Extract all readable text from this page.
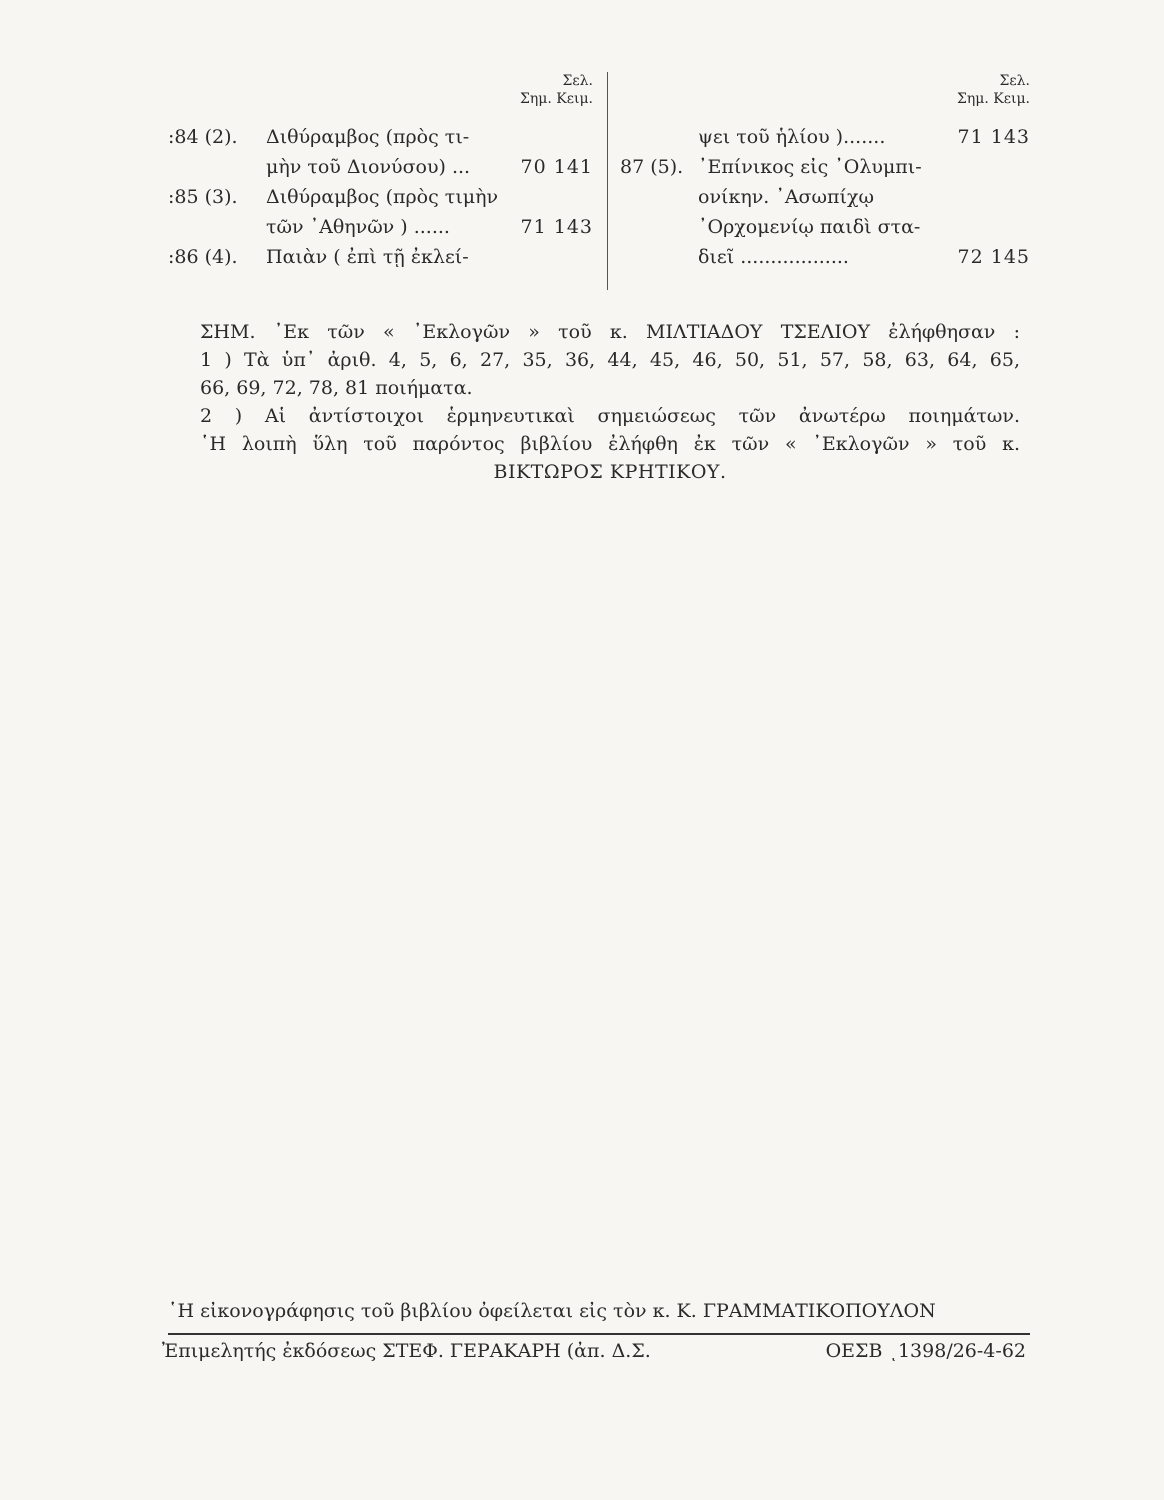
Σελ.
Σημ. Κειμ.
:84 (2).	Διθύραμβος (πρὸς τι-
μὴν τοῦ Διονύσου) ...	70 141
:85 (3).	Διθύραμβος (πρὸς τιμὴν
τῶν ᾿Αθηνῶν ) ......	71 143
:86 (4).	Παιὰν ( ἐπὶ τῇ ἐκλεί-
Σελ.
Σημ. Κειμ.
ψει τοῦ ἡλίου ).......	71 143
87 (5). ᾿Επίνικος εἰς ᾿Ολυμπι-
ονίκην. ᾿Ασωπίχῳ
᾿Ορχομενίῳ παιδὶ στα-
διεῖ ..................	72 145

ΣΗΜ. ᾿Εκ τῶν « ᾿Εκλογῶν » τοῦ κ. ΜΙΛΤΙΑΔΟΥ ΤΣΕΛΙΟΥ ἐλήφθησαν :

1 ) Τὰ ὑπ᾿ ἀριθ. 4, 5, 6, 27, 35, 36, 44, 45, 46, 50, 51, 57, 58, 63, 64, 65,

66, 69, 72, 78, 81 ποιήματα.

2 ) Αἱ ἀντίστοιχοι ἑρμηνευτικαὶ σημειώσεως τῶν ἀνωτέρω ποιημάτων.

῾Η λοιπὴ ὕλη τοῦ παρόντος βιβλίου ἐλήφθη ἐκ τῶν « ᾿Εκλογῶν » τοῦ κ.

ΒΙΚΤΩΡΟΣ ΚΡΗΤΙΚΟΥ.

῾Η εἰκονογράφησις τοῦ βιβλίου ὀφείλεται εἰς τὸν κ. Κ. ΓΡΑΜΜΑΤΙΚΟΠΟΥΛΟΝ
Ἐπιμελητής ἐκδόσεως ΣΤΕΦ. ΓΕΡΑΚΑΡΗ (ἀπ. Δ.Σ.	ΟΕΣΒ ͺ1398/26-4-62
